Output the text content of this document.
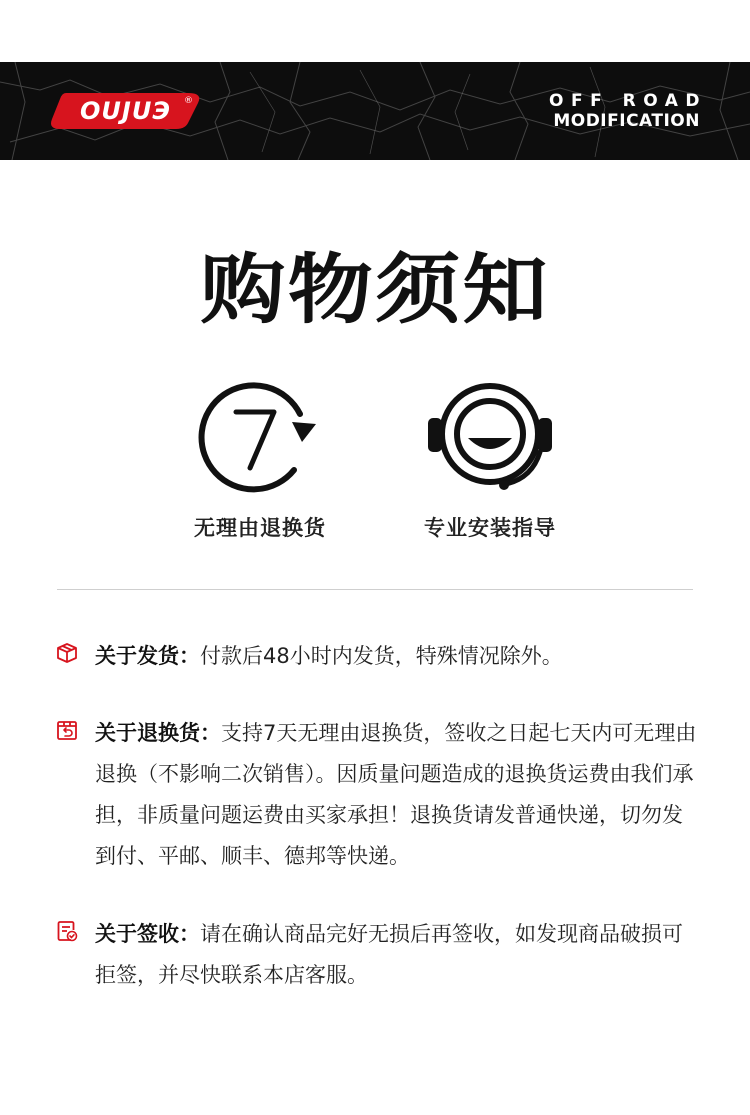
OUJUЭ	®	OFF ROAD
MODIFICATION
购物须知
无理由退换货	专业安装指导
关于发货：付款后48小时内发货，特殊情况除外。
关于退换货：支持7天无理由退换货，签收之日起七天内可无理由退换（不影响二次销售）。因质量问题造成的退换货运费由我们承担，非质量问题运费由买家承担！退换货请发普通快递，切勿发到付、平邮、顺丰、德邦等快递。
关于签收：请在确认商品完好无损后再签收，如发现商品破损可拒签，并尽快联系本店客服。
